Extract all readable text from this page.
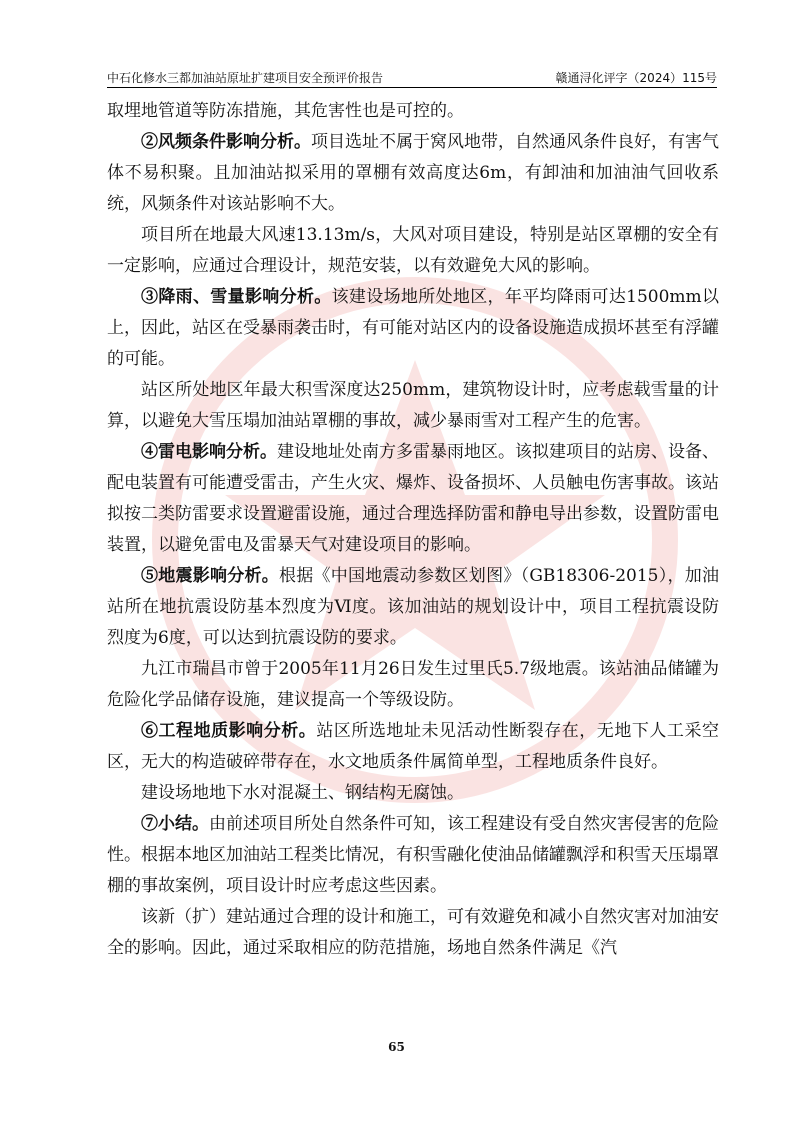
中石化修水三都加油站原址扩建项目安全预评价报告	赣通浔化评字（2024）115号

取埋地管道等防冻措施，其危害性也是可控的。

②风频条件影响分析。项目选址不属于窝风地带，自然通风条件良好，有害气体不易积聚。且加油站拟采用的罩棚有效高度达6m，有卸油和加油油气回收系统，风频条件对该站影响不大。

项目所在地最大风速13.13m/s，大风对项目建设，特别是站区罩棚的安全有一定影响，应通过合理设计，规范安装，以有效避免大风的影响。

③降雨、雪量影响分析。该建设场地所处地区，年平均降雨可达1500mm以上，因此，站区在受暴雨袭击时，有可能对站区内的设备设施造成损坏甚至有浮罐的可能。

站区所处地区年最大积雪深度达250mm，建筑物设计时，应考虑载雪量的计算，以避免大雪压塌加油站罩棚的事故，减少暴雨雪对工程产生的危害。

④雷电影响分析。建设地址处南方多雷暴雨地区。该拟建项目的站房、设备、配电装置有可能遭受雷击，产生火灾、爆炸、设备损坏、人员触电伤害事故。该站拟按二类防雷要求设置避雷设施，通过合理选择防雷和静电导出参数，设置防雷电装置，以避免雷电及雷暴天气对建设项目的影响。

⑤地震影响分析。根据《中国地震动参数区划图》（GB18306-2015），加油站所在地抗震设防基本烈度为Ⅵ度。该加油站的规划设计中，项目工程抗震设防烈度为6度，可以达到抗震设防的要求。

九江市瑞昌市曾于2005年11月26日发生过里氏5.7级地震。该站油品储罐为危险化学品储存设施，建议提高一个等级设防。

⑥工程地质影响分析。站区所选地址未见活动性断裂存在，无地下人工采空区，无大的构造破碎带存在，水文地质条件属简单型，工程地质条件良好。

建设场地地下水对混凝土、钢结构无腐蚀。

⑦小结。由前述项目所处自然条件可知，该工程建设有受自然灾害侵害的危险性。根据本地区加油站工程类比情况，有积雪融化使油品储罐飘浮和积雪天压塌罩棚的事故案例，项目设计时应考虑这些因素。

该新（扩）建站通过合理的设计和施工，可有效避免和减小自然灾害对加油安全的影响。因此，通过采取相应的防范措施，场地自然条件满足《汽

65
